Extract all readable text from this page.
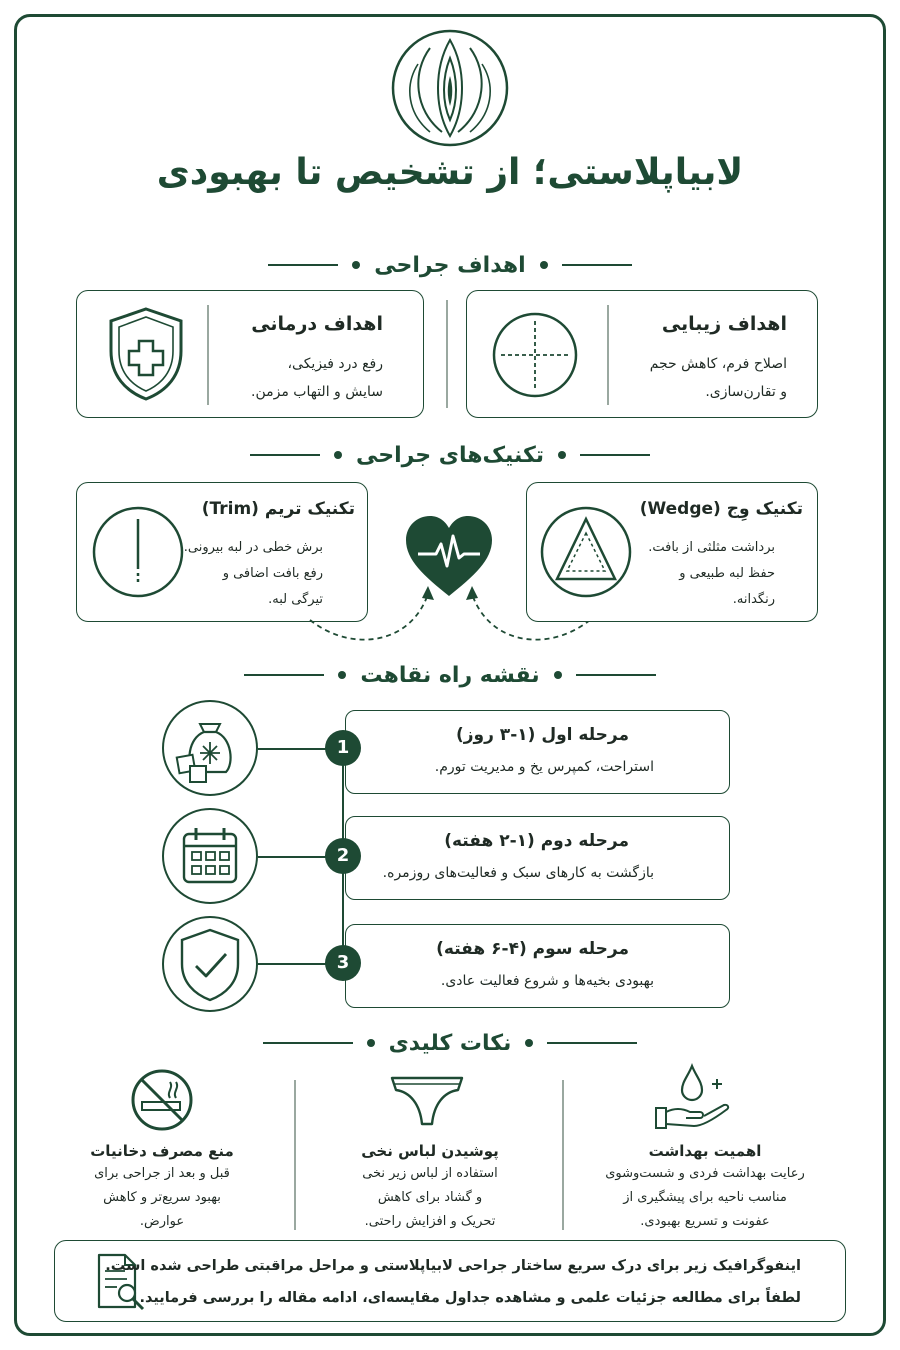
لابیاپلاستی؛ از تشخیص تا بهبودی
اهداف جراحی
اهداف درمانی
رفع درد فیزیکی،
سایش و التهاب مزمن.
اهداف زیبایی
اصلاح فرم، کاهش حجم
و تقارن‌سازی.
تکنیک‌های جراحی
تکنیک تریم (Trim)
برش خطی در لبه بیرونی.
رفع بافت اضافی و
تیرگی لبه.
تکنیک وِج (Wedge)
برداشت مثلثی از بافت.
حفظ لبه طبیعی و
رنگدانه.
نقشه راه نقاهت
مرحله اول (۱-۳ روز)
استراحت، کمپرس یخ و مدیریت تورم.
1
مرحله دوم (۱-۲ هفته)
بازگشت به کارهای سبک و فعالیت‌های روزمره.
2
مرحله سوم (۴-۶ هفته)
بهبودی بخیه‌ها و شروع فعالیت عادی.
3
نکات کلیدی
منع مصرف دخانیات
قبل و بعد از جراحی برای
بهبود سریع‌تر و کاهش
عوارض.
پوشیدن لباس نخی
استفاده از لباس زیر نخی
و گشاد برای کاهش
تحریک و افزایش راحتی.
اهمیت بهداشت
رعایت بهداشت فردی و شست‌وشوی
مناسب ناحیه برای پیشگیری از
عفونت و تسریع بهبودی.
اینفوگرافیک زیر برای درک سریع ساختار جراحی لابیاپلاستی و مراحل مراقبتی طراحی شده است.
لطفاً برای مطالعه جزئیات علمی و مشاهده جداول مقایسه‌ای، ادامه مقاله را بررسی فرمایید.
